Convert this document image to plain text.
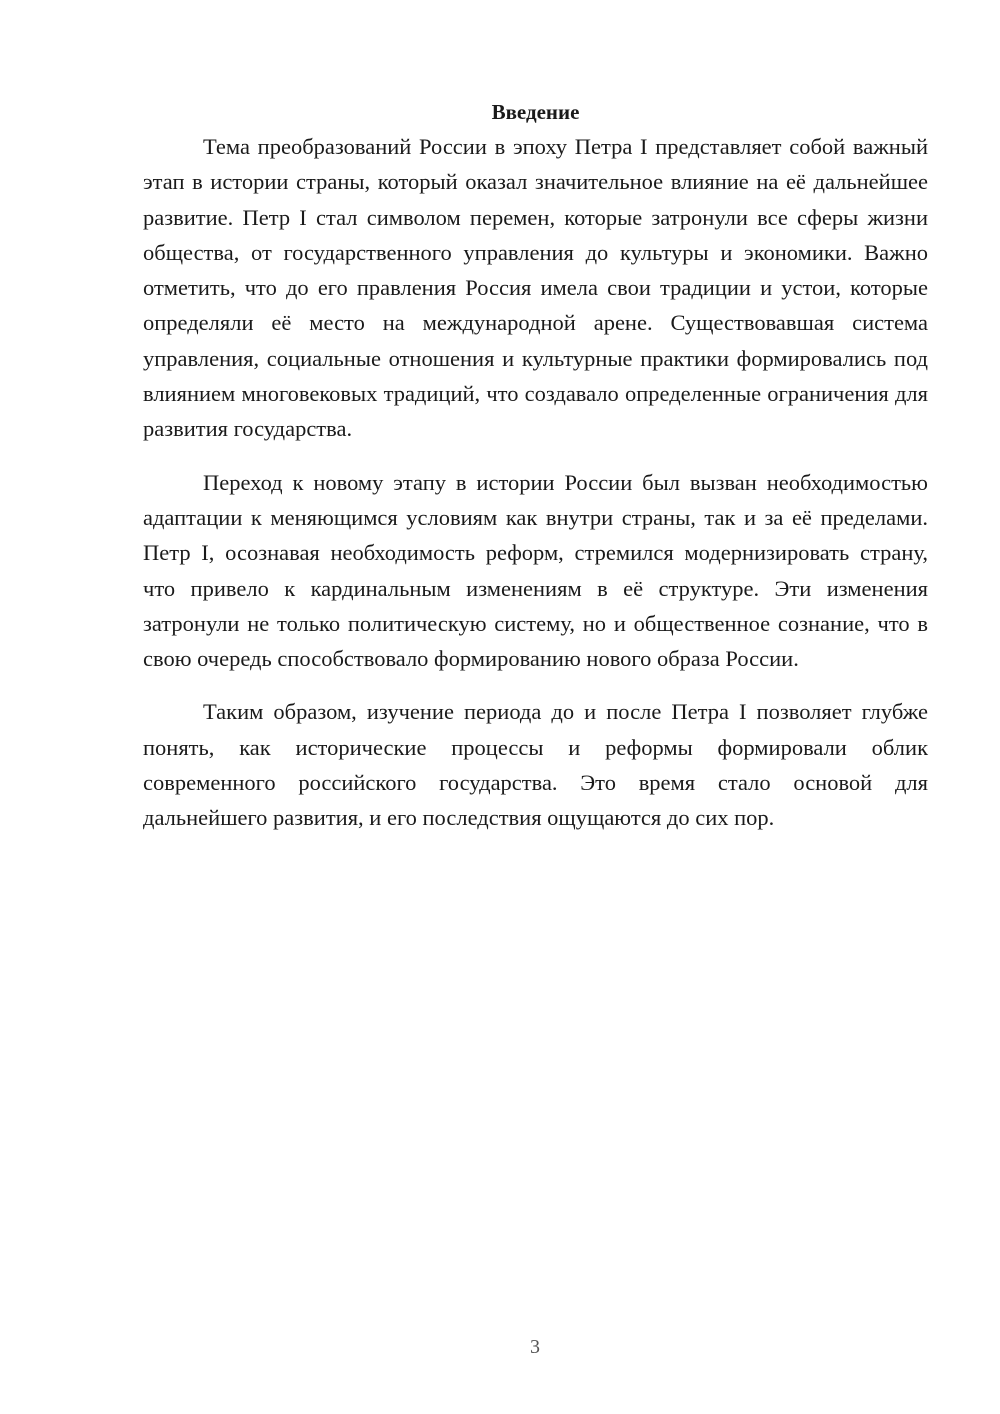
Введение

Тема преобразований России в эпоху Петра I представляет собой важный этап в истории страны, который оказал значительное влияние на её дальнейшее развитие. Петр I стал символом перемен, которые затронули все сферы жизни общества, от государственного управления до культуры и экономики. Важно отметить, что до его правления Россия имела свои традиции и устои, которые определяли её место на международной арене. Существовавшая система управления, социальные отношения и культурные практики формировались под влиянием многовековых традиций, что создавало определенные ограничения для развития государства.

Переход к новому этапу в истории России был вызван необходимостью адаптации к меняющимся условиям как внутри страны, так и за её пределами. Петр I, осознавая необходимость реформ, стремился модернизировать страну, что привело к кардинальным изменениям в её структуре. Эти изменения затронули не только политическую систему, но и общественное сознание, что в свою очередь способствовало формированию нового образа России.

Таким образом, изучение периода до и после Петра I позволяет глубже понять, как исторические процессы и реформы формировали облик современного российского государства. Это время стало основой для дальнейшего развития, и его последствия ощущаются до сих пор.

3
